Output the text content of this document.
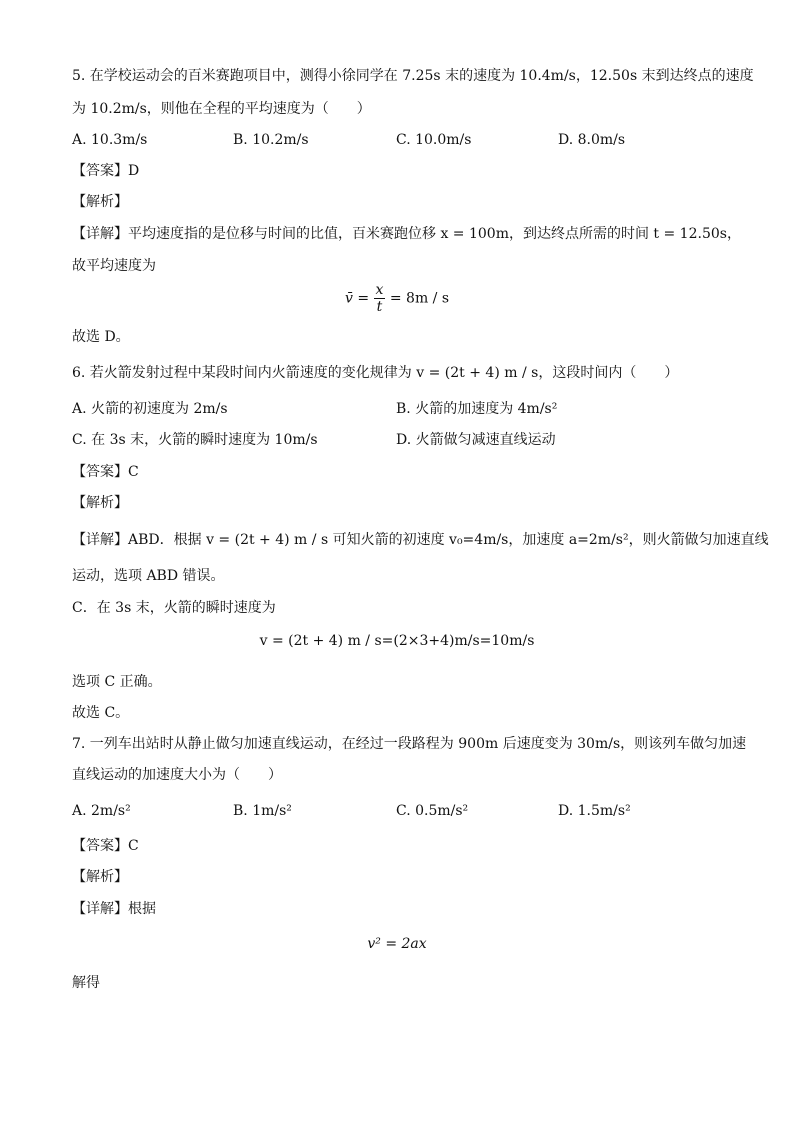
5. 在学校运动会的百米赛跑项目中，测得小徐同学在 7.25s 末的速度为 10.4m/s，12.50s 末到达终点的速度
为 10.2m/s，则他在全程的平均速度为（　　）
A. 10.3m/s	B. 10.2m/s	C. 10.0m/s	D. 8.0m/s
【答案】D
【解析】
【详解】平均速度指的是位移与时间的比值，百米赛跑位移 x = 100m，到达终点所需的时间 t = 12.50s，
故平均速度为
v̄ = $\frac{x}{t} = 8m / s$
故选 D。
6. 若火箭发射过程中某段时间内火箭速度的变化规律为 v = (2t + 4) m / s，这段时间内（　　）
A. 火箭的初速度为 2m/s	B. 火箭的加速度为 4m/s²
C. 在 3s 末，火箭的瞬时速度为 10m/s	D. 火箭做匀减速直线运动
【答案】C
【解析】
【详解】ABD．根据 v = (2t + 4) m / s 可知火箭的初速度 v₀=4m/s，加速度 a=2m/s²，则火箭做匀加速直线
运动，选项 ABD 错误。
C．在 3s 末，火箭的瞬时速度为
v = (2t + 4) m / s=(2×3+4)m/s=10m/s
选项 C 正确。
故选 C。
7. 一列车出站时从静止做匀加速直线运动，在经过一段路程为 900m 后速度变为 30m/s，则该列车做匀加速
直线运动的加速度大小为（　　）
A. 2m/s²	B. 1m/s²	C. 0.5m/s²	D. 1.5m/s²
【答案】C
【解析】
【详解】根据
v² = 2ax
解得
